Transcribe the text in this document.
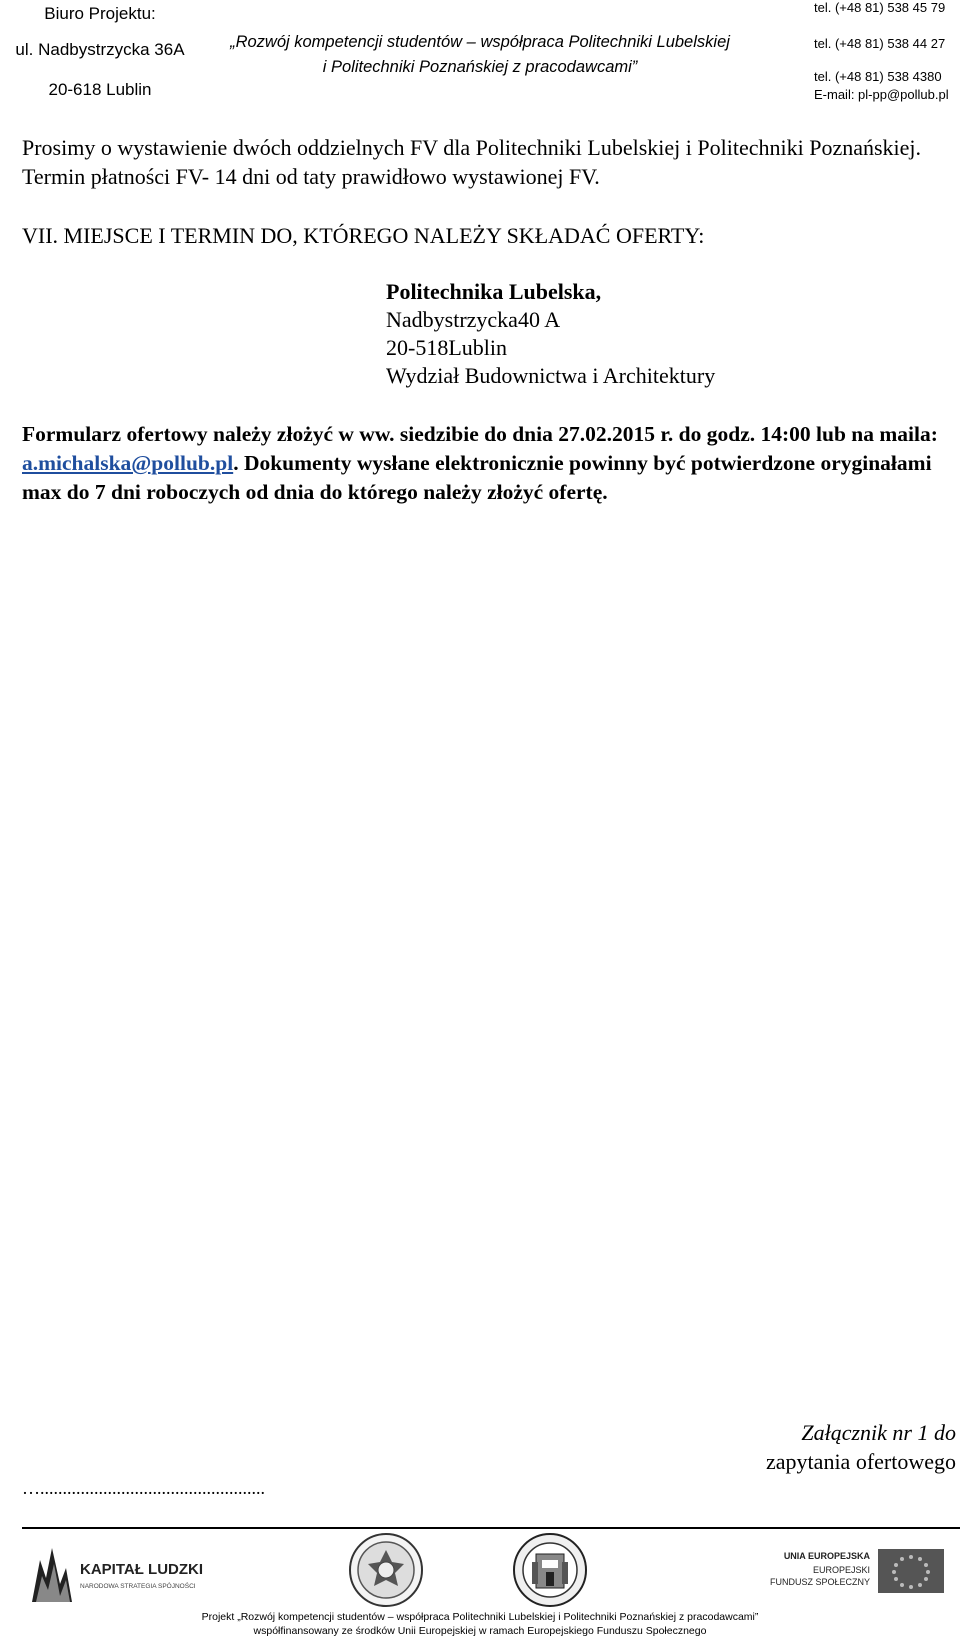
Biuro Projektu:
ul. Nadbystrzycka 36A
20-618 Lublin
„Rozwój kompetencji studentów – współpraca Politechniki Lubelskiej
i Politechniki Poznańskiej z pracodawcami”
tel. (+48 81) 538 45 79
tel. (+48 81) 538 44 27
tel. (+48 81) 538 4380
E-mail: pl-pp@pollub.pl
Prosimy o wystawienie dwóch oddzielnych FV dla Politechniki Lubelskiej i Politechniki Poznańskiej. Termin płatności FV- 14 dni od taty prawidłowo wystawionej FV.
VII. MIEJSCE I TERMIN DO, KTÓREGO NALEŻY SKŁADAĆ OFERTY:
Politechnika Lubelska,
Nadbystrzycka40 A
20-518Lublin
Wydział Budownictwa i Architektury
Formularz ofertowy należy złożyć w ww. siedzibie do dnia 27.02.2015 r. do godz. 14:00 lub na maila: a.michalska@pollub.pl. Dokumenty wysłane elektronicznie powinny być potwierdzone oryginałami max do 7 dni roboczych od dnia do którego należy złożyć ofertę.
Załącznik nr 1 do
zapytania ofertowego
…..................................................
KAPITAŁ LUDZKI
NARODOWA STRATEGIA SPÓJNOŚCI
UNIA EUROPEJSKA
EUROPEJSKI
FUNDUSZ SPOŁECZNY
Projekt „Rozwój kompetencji studentów – współpraca Politechniki Lubelskiej i Politechniki Poznańskiej z pracodawcami”
współfinansowany ze środków Unii Europejskiej w ramach Europejskiego Funduszu Społecznego
